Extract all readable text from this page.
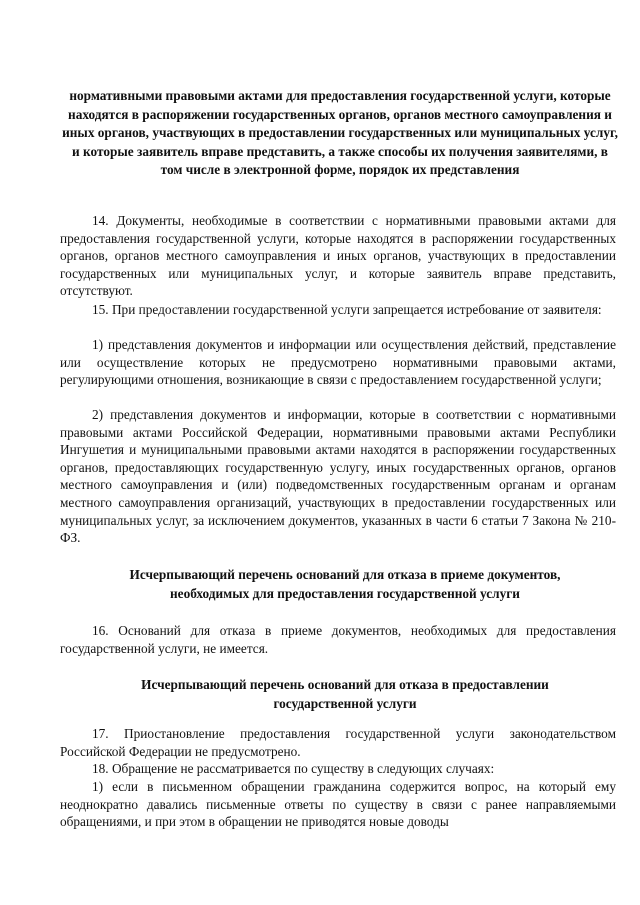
нормативными правовыми актами для предоставления государственной услуги, которые находятся в распоряжении государственных органов, органов местного самоуправления и иных органов, участвующих в предоставлении государственных или муниципальных услуг, и которые заявитель вправе представить, а также способы их получения заявителями, в том числе в электронной форме, порядок их представления

14. Документы, необходимые в соответствии с нормативными правовыми актами для предоставления государственной услуги, которые находятся в распоряжении государственных органов, органов местного самоуправления и иных органов, участвующих в предоставлении государственных или муниципальных услуг, и которые заявитель вправе представить, отсутствуют.

15. При предоставлении государственной услуги запрещается истребование от заявителя:

1) представления документов и информации или осуществления действий, представление или осуществление которых не предусмотрено нормативными правовыми актами, регулирующими отношения, возникающие в связи с предоставлением государственной услуги;

2) представления документов и информации, которые в соответствии с нормативными правовыми актами Российской Федерации, нормативными правовыми актами Республики Ингушетия и муниципальными правовыми актами находятся в распоряжении государственных органов, предоставляющих государственную услугу, иных государственных органов, органов местного самоуправления и (или) подведомственных государственным органам и органам местного самоуправления организаций, участвующих в предоставлении государственных или муниципальных услуг, за исключением документов, указанных в части 6 статьи 7 Закона № 210-ФЗ.

Исчерпывающий перечень оснований для отказа в приеме документов, необходимых для предоставления государственной услуги

16. Оснований для отказа в приеме документов, необходимых для предоставления государственной услуги, не имеется.

Исчерпывающий перечень оснований для отказа в предоставлении государственной услуги

17. Приостановление предоставления государственной услуги законодательством Российской Федерации не предусмотрено.

18. Обращение не рассматривается по существу в следующих случаях:

1) если в письменном обращении гражданина содержится вопрос, на который ему неоднократно давались письменные ответы по существу в связи с ранее направляемыми обращениями, и при этом в обращении не приводятся новые доводы
